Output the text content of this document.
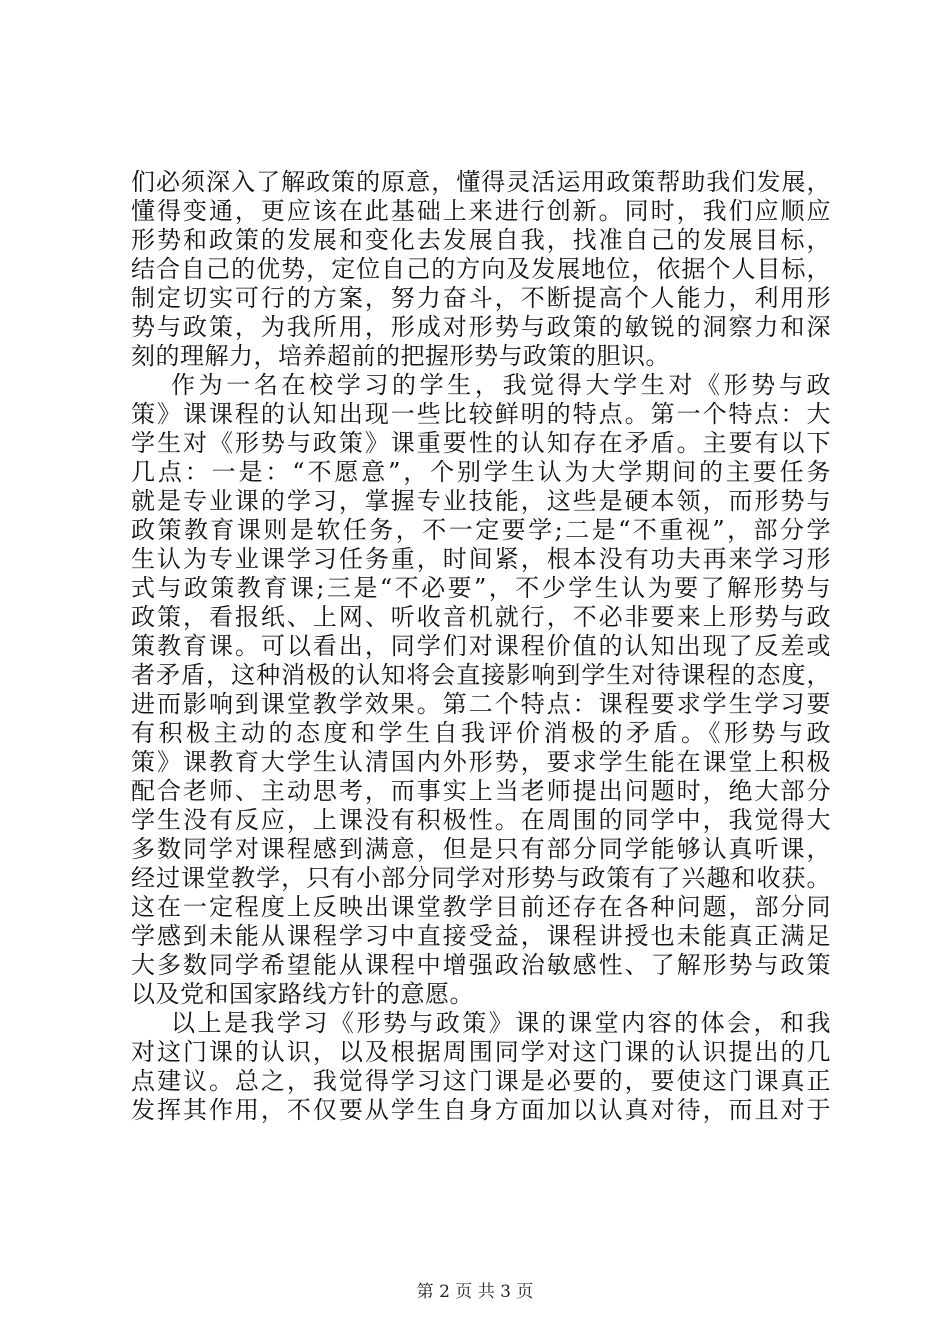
们必须深入了解政策的原意，懂得灵活运用政策帮助我们发展，
懂得变通，更应该在此基础上来进行创新。同时，我们应顺应
形势和政策的发展和变化去发展自我，找准自己的发展目标，
结合自己的优势，定位自己的方向及发展地位，依据个人目标，
制定切实可行的方案，努力奋斗，不断提高个人能力，利用形
势与政策，为我所用，形成对形势与政策的敏锐的洞察力和深
刻的理解力，培养超前的把握形势与政策的胆识。
作为一名在校学习的学生，我觉得大学生对《形势与政
策》课课程的认知出现一些比较鲜明的特点。第一个特点：大
学生对《形势与政策》课重要性的认知存在矛盾。主要有以下
几点：一是：“不愿意”，个别学生认为大学期间的主要任务
就是专业课的学习，掌握专业技能，这些是硬本领，而形势与
政策教育课则是软任务，不一定要学;二是“不重视”，部分学
生认为专业课学习任务重，时间紧，根本没有功夫再来学习形
式与政策教育课;三是“不必要”，不少学生认为要了解形势与
政策，看报纸、上网、听收音机就行，不必非要来上形势与政
策教育课。可以看出，同学们对课程价值的认知出现了反差或
者矛盾，这种消极的认知将会直接影响到学生对待课程的态度，
进而影响到课堂教学效果。第二个特点：课程要求学生学习要
有积极主动的态度和学生自我评价消极的矛盾。《形势与政
策》课教育大学生认清国内外形势，要求学生能在课堂上积极
配合老师、主动思考，而事实上当老师提出问题时，绝大部分
学生没有反应，上课没有积极性。在周围的同学中，我觉得大
多数同学对课程感到满意，但是只有部分同学能够认真听课，
经过课堂教学，只有小部分同学对形势与政策有了兴趣和收获。
这在一定程度上反映出课堂教学目前还存在各种问题，部分同
学感到未能从课程学习中直接受益，课程讲授也未能真正满足
大多数同学希望能从课程中增强政治敏感性、了解形势与政策
以及党和国家路线方针的意愿。
以上是我学习《形势与政策》课的课堂内容的体会，和我
对这门课的认识，以及根据周围同学对这门课的认识提出的几
点建议。总之，我觉得学习这门课是必要的，要使这门课真正
发挥其作用，不仅要从学生自身方面加以认真对待，而且对于
第 2 页 共 3 页
